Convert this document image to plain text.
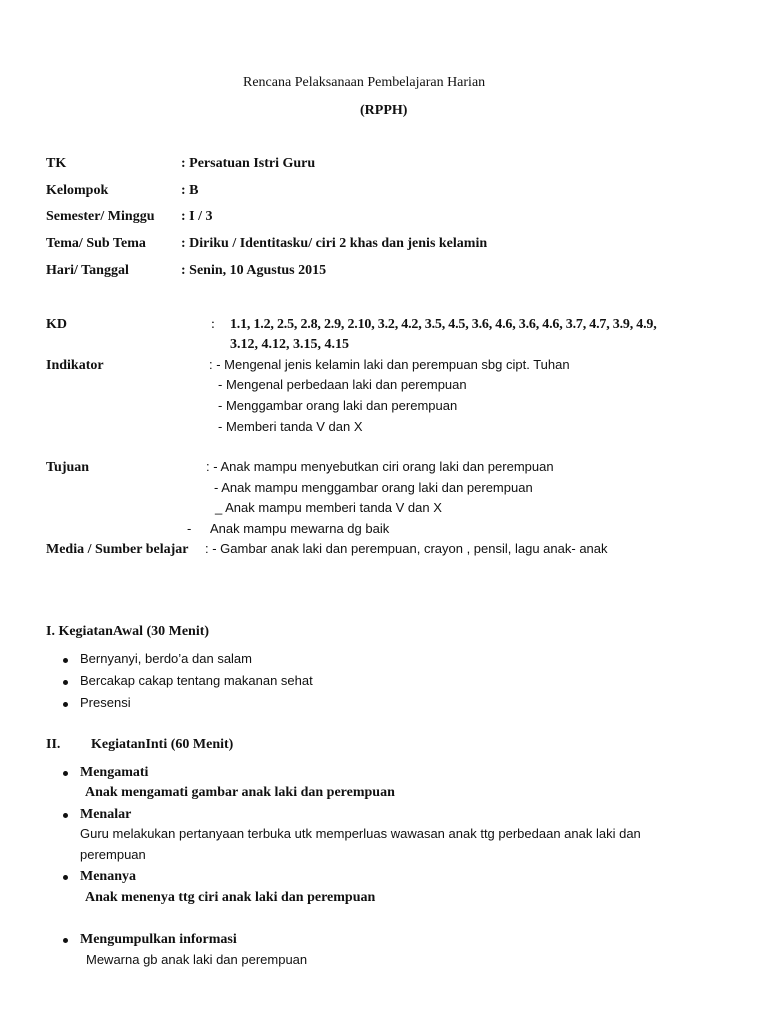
Rencana Pelaksanaan Pembelajaran Harian
(RPPH)
TK	: Persatuan Istri Guru
Kelompok	: B
Semester/ Minggu : I / 3
Tema/ Sub Tema	: Diriku / Identitasku/ ciri 2 khas dan jenis kelamin
Hari/ Tanggal	: Senin, 10 Agustus 2015
KD	: 1.1, 1.2, 2.5, 2.8, 2.9, 2.10, 3.2, 4.2, 3.5, 4.5, 3.6, 4.6, 3.6, 4.6, 3.7, 4.7, 3.9, 4.9,
3.12, 4.12, 3.15, 4.15
Indikator	: - Mengenal jenis kelamin laki dan perempuan sbg cipt. Tuhan
- Mengenal perbedaan laki dan perempuan
- Menggambar orang laki dan perempuan
- Memberi tanda V dan X
Tujuan	: - Anak mampu menyebutkan ciri orang laki dan perempuan
- Anak mampu menggambar orang laki dan perempuan
_ Anak mampu memberi tanda V dan X
- Anak mampu mewarna dg baik
Media / Sumber belajar : - Gambar anak laki dan perempuan, crayon , pensil, lagu anak- anak
I. KegiatanAwal (30 Menit)
Bernyanyi, berdo’a dan salam
Bercakap cakap tentang makanan sehat
Presensi
II. KegiatanInti (60 Menit)
Mengamati
Anak mengamati gambar anak laki dan perempuan
Menalar
Guru melakukan pertanyaan terbuka utk memperluas wawasan anak ttg perbedaan anak laki dan
perempuan
Menanya
Anak menenya ttg ciri anak laki dan perempuan
Mengumpulkan informasi
Mewarna gb anak laki dan perempuan
